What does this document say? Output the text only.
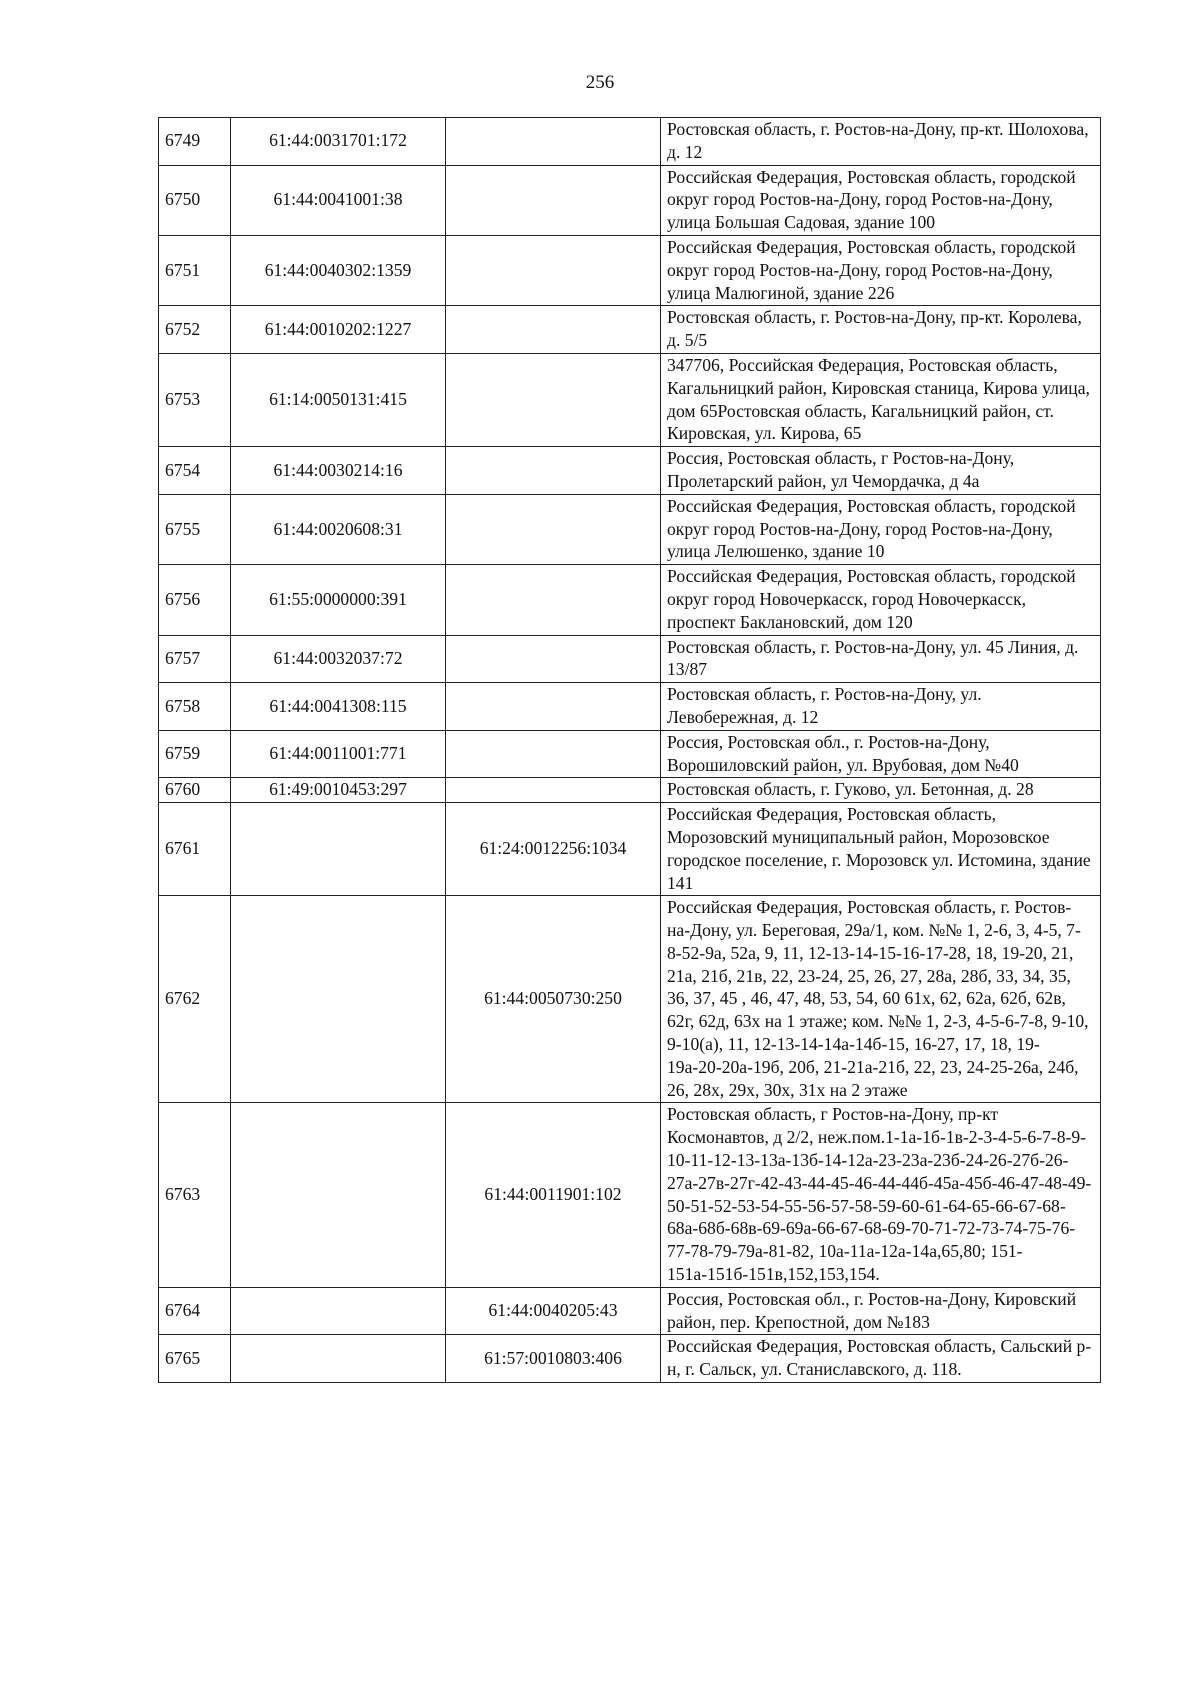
256
6749	61:44:0031701:172		Ростовская область, г. Ростов-на-Дону, пр-кт. Шолохова, д. 12
6750	61:44:0041001:38		Российская Федерация, Ростовская область, городской округ город Ростов-на-Дону, город Ростов-на-Дону, улица Большая Садовая, здание 100
6751	61:44:0040302:1359		Российская Федерация, Ростовская область, городской округ город Ростов-на-Дону, город Ростов-на-Дону, улица Малюгиной, здание 226
6752	61:44:0010202:1227		Ростовская область, г. Ростов-на-Дону, пр-кт. Королева, д. 5/5
6753	61:14:0050131:415		347706, Российская Федерация, Ростовская область, Кагальницкий район, Кировская станица, Кирова улица, дом 65Ростовская область, Кагальницкий район, ст. Кировская, ул. Кирова, 65
6754	61:44:0030214:16		Россия, Ростовская область, г Ростов-на-Дону, Пролетарский район, ул Чемордачка, д 4а
6755	61:44:0020608:31		Российская Федерация, Ростовская область, городской округ город Ростов-на-Дону, город Ростов-на-Дону, улица Лелюшенко, здание 10
6756	61:55:0000000:391		Российская Федерация, Ростовская область, городской округ город Новочеркасск, город Новочеркасск, проспект Баклановский, дом 120
6757	61:44:0032037:72		Ростовская область, г. Ростов-на-Дону, ул. 45 Линия, д. 13/87
6758	61:44:0041308:115		Ростовская область, г. Ростов-на-Дону, ул. Левобережная, д. 12
6759	61:44:0011001:771		Россия, Ростовская обл., г. Ростов-на-Дону, Ворошиловский район, ул. Врубовая, дом №40
6760	61:49:0010453:297		Ростовская область, г. Гуково, ул. Бетонная, д. 28
6761		61:24:0012256:1034	Российская Федерация, Ростовская область, Морозовский муниципальный район, Морозовское городское поселение, г. Морозовск ул. Истомина, здание 141
6762		61:44:0050730:250	Российская Федерация, Ростовская область, г. Ростов-на-Дону, ул. Береговая, 29а/1, ком. №№ 1, 2-6, 3, 4-5, 7-8-52-9а, 52а, 9, 11, 12-13-14-15-16-17-28, 18, 19-20, 21, 21а, 21б, 21в, 22, 23-24, 25, 26, 27, 28а, 28б, 33, 34, 35, 36, 37, 45 , 46, 47, 48, 53, 54, 60 61х, 62, 62а, 62б, 62в, 62г, 62д, 63х на 1 этаже; ком. №№ 1, 2-3, 4-5-6-7-8, 9-10, 9-10(а), 11, 12-13-14-14а-14б-15, 16-27, 17, 18, 19-19а-20-20а-19б, 20б, 21-21а-21б, 22, 23, 24-25-26а, 24б, 26, 28х, 29х, 30х, 31х на 2 этаже
6763		61:44:0011901:102	Ростовская область, г Ростов-на-Дону, пр-кт Космонавтов, д 2/2, неж.пом.1-1а-1б-1в-2-3-4-5-6-7-8-9-10-11-12-13-13а-13б-14-12а-23-23а-23б-24-26-27б-26-27а-27в-27г-42-43-44-45-46-44-44б-45а-45б-46-47-48-49-50-51-52-53-54-55-56-57-58-59-60-61-64-65-66-67-68-68а-68б-68в-69-69а-66-67-68-69-70-71-72-73-74-75-76-77-78-79-79а-81-82, 10а-11а-12а-14а,65,80; 151-151а-151б-151в,152,153,154.
6764		61:44:0040205:43	Россия, Ростовская обл., г. Ростов-на-Дону, Кировский район, пер. Крепостной, дом №183
6765		61:57:0010803:406	Российская Федерация, Ростовская область, Сальский р-н, г. Сальск, ул. Станиславского, д. 118.
